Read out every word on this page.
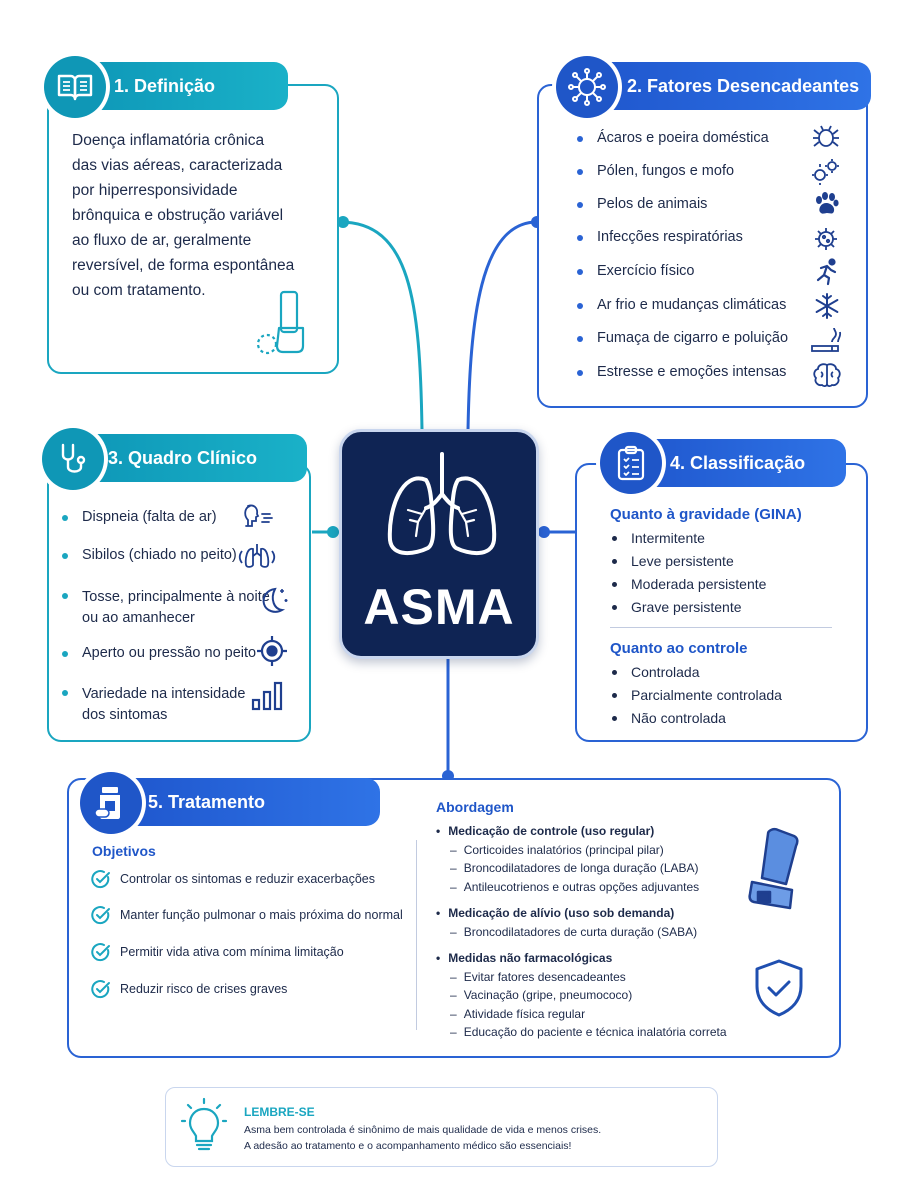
ASMA
1. Definição
Doença inflamatória crônica
das vias aéreas, caracterizada
por hiperresponsividade
brônquica e obstrução variável
ao fluxo de ar, geralmente
reversível, de forma espontânea
ou com tratamento.
2. Fatores Desencadeantes
Ácaros e poeira doméstica
Pólen, fungos e mofo
Pelos de animais
Infecções respiratórias
Exercício físico
Ar frio e mudanças climáticas
Fumaça de cigarro e poluição
Estresse e emoções intensas
3. Quadro Clínico
Dispneia (falta de ar)
Sibilos (chiado no peito)
Tosse, principalmente à noite
ou ao amanhecer
Aperto ou pressão no peito
Variedade na intensidade
dos sintomas
4. Classificação
Quanto à gravidade (GINA)
Intermitente
Leve persistente
Moderada persistente
Grave persistente
Quanto ao controle
Controlada
Parcialmente controlada
Não controlada
5. Tratamento
Objetivos
Controlar os sintomas e reduzir exacerbações
Manter função pulmonar o mais próxima do normal
Permitir vida ativa com mínima limitação
Reduzir risco de crises graves
Abordagem
• Medicação de controle (uso regular)
– Corticoides inalatórios (principal pilar)
– Broncodilatadores de longa duração (LABA)
– Antileucotrienos e outras opções adjuvantes
• Medicação de alívio (uso sob demanda)
– Broncodilatadores de curta duração (SABA)
• Medidas não farmacológicas
– Evitar fatores desencadeantes
– Vacinação (gripe, pneumococo)
– Atividade física regular
– Educação do paciente e técnica inalatória correta
LEMBRE-SE
Asma bem controlada é sinônimo de mais qualidade de vida e menos crises.
A adesão ao tratamento e o acompanhamento médico são essenciais!
